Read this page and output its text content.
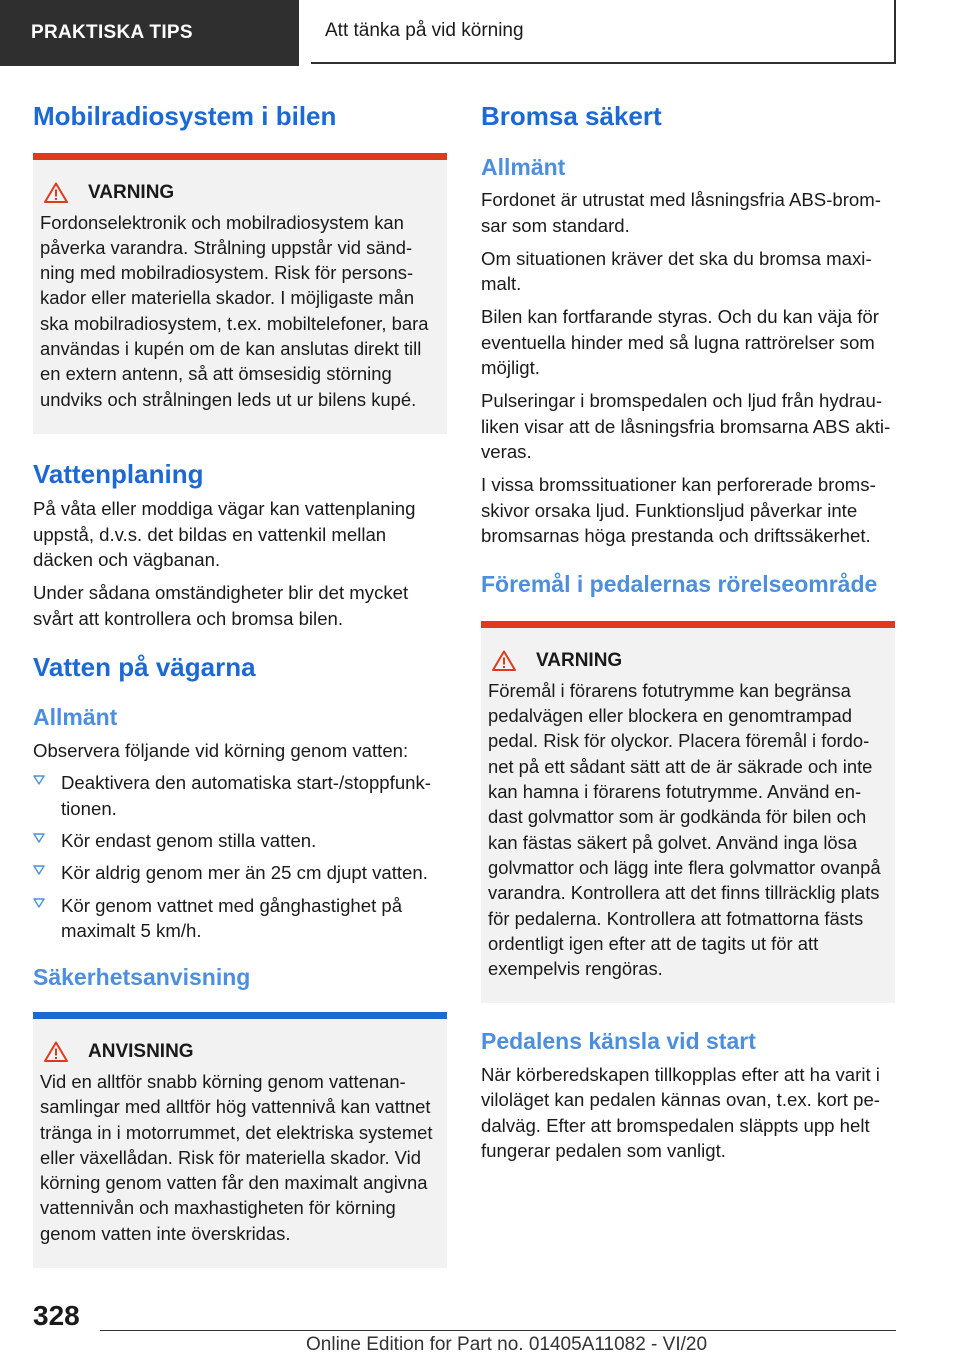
PRAKTISKA TIPS	Att tänka på vid körning
Mobilradiosystem i bilen
VARNING

Fordonselektronik och mobilradiosystem kan påverka varandra. Strålning uppstår vid sändning med mobilradiosystem. Risk för personskador eller materiella skador. I möjligaste mån ska mobilradiosystem, t.ex. mobiltelefoner, bara användas i kupén om de kan anslutas direkt till en extern antenn, så att ömsesidig störning undviks och strålningen leds ut ur bilens kupé.

Vattenplaning

På våta eller moddiga vägar kan vattenplaning uppstå, d.v.s. det bildas en vattenkil mellan däcken och vägbanan.

Under sådana omständigheter blir det mycket svårt att kontrollera och bromsa bilen.

Vatten på vägarna
Allmänt

Observera följande vid körning genom vatten:

Deaktivera den automatiska start-/stoppfunktionen.
Kör endast genom stilla vatten.
Kör aldrig genom mer än 25 cm djupt vatten.
Kör genom vattnet med gånghastighet på maximalt 5 km/h.
Säkerhetsanvisning
ANVISNING

Vid en alltför snabb körning genom vattenansamlingar med alltför hög vattennivå kan vattnet tränga in i motorrummet, det elektriska systemet eller växellådan. Risk för materiella skador. Vid körning genom vatten får den maximalt angivna vattennivån och maxhastigheten för körning genom vatten inte överskridas.

Bromsa säkert
Allmänt

Fordonet är utrustat med låsningsfria ABS-bromsar som standard.

Om situationen kräver det ska du bromsa maximalt.

Bilen kan fortfarande styras. Och du kan väja för eventuella hinder med så lugna rattrörelser som möjligt.

Pulseringar i bromspedalen och ljud från hydrauliken visar att de låsningsfria bromsarna ABS aktiveras.

I vissa bromssituationer kan perforerade bromsskivor orsaka ljud. Funktionsljud påverkar inte bromsarnas höga prestanda och driftssäkerhet.

Föremål i pedalernas rörelseområde
VARNING

Föremål i förarens fotutrymme kan begränsa pedalvägen eller blockera en genomtrampad pedal. Risk för olyckor. Placera föremål i fordonet på ett sådant sätt att de är säkrade och inte kan hamna i förarens fotutrymme. Använd endast golvmattor som är godkända för bilen och kan fästas säkert på golvet. Använd inga lösa golvmattor och lägg inte flera golvmattor ovanpå varandra. Kontrollera att det finns tillräcklig plats för pedalerna. Kontrollera att fotmattorna fästs ordentligt igen efter att de tagits ut för att exempelvis rengöras.

Pedalens känsla vid start

När körberedskapen tillkopplas efter att ha varit i viloläget kan pedalen kännas ovan, t.ex. kort pedalväg. Efter att bromspedalen släppts upp helt fungerar pedalen som vanligt.

328
Online Edition for Part no. 01405A11082 - VI/20
